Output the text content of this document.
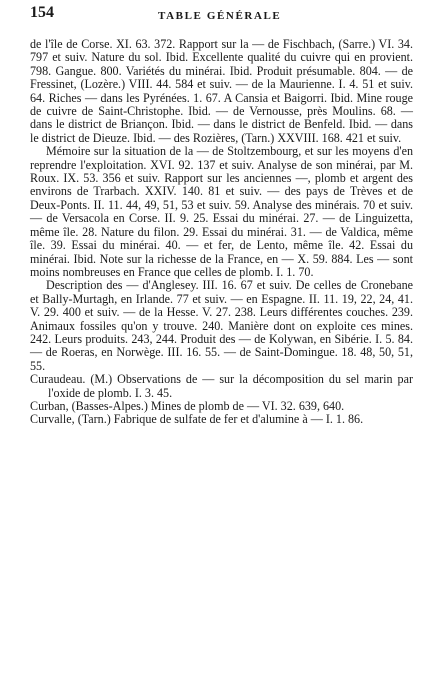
154	TABLE GÉNÉRALE

de l'île de Corse. XI. 63. 372. Rapport sur la — de Fischbach, (Sarre.) VI. 34. 797 et suiv. Nature du sol. Ibid. Excellente qualité du cuivre qui en provient. 798. Gangue. 800. Variétés du minérai. Ibid. Produit présumable. 804. — de Fressinet, (Lozère.) VIII. 44. 584 et suiv. — de la Maurienne. I. 4. 51 et suiv. 64. Riches — dans les Pyrénées. 1. 67. A Cansia et Baigorri. Ibid. Mine rouge de cuivre de Saint-Christophe. Ibid. — de Vernousse, près Moulins. 68. — dans le district de Briançon. Ibid. — dans le district de Benfeld. Ibid. — dans le district de Dieuze. Ibid. — des Rozières, (Tarn.) XXVIII. 168. 421 et suiv.

Mémoire sur la situation de la — de Stoltzembourg, et sur les moyens d'en reprendre l'exploitation. XVI. 92. 137 et suiv. Analyse de son minérai, par M. Roux. IX. 53. 356 et suiv. Rapport sur les anciennes —, plomb et argent des environs de Trarbach. XXIV. 140. 81 et suiv. — des pays de Trèves et de Deux-Ponts. II. 11. 44, 49, 51, 53 et suiv. 59. Analyse des minérais. 70 et suiv. — de Versacola en Corse. II. 9. 25. Essai du minérai. 27. — de Linguizetta, même île. 28. Nature du filon. 29. Essai du minérai. 31. — de Valdica, même île. 39. Essai du minérai. 40. — et fer, de Lento, même île. 42. Essai du minérai. Ibid. Note sur la richesse de la France, en — X. 59. 884. Les — sont moins nombreuses en France que celles de plomb. I. 1. 70.

Description des — d'Anglesey. III. 16. 67 et suiv. De celles de Cronebane et Bally-Murtagh, en Irlande. 77 et suiv. — en Espagne. II. 11. 19, 22, 24, 41. V. 29. 400 et suiv. — de la Hesse. V. 27. 238. Leurs différentes couches. 239. Animaux fossiles qu'on y trouve. 240. Manière dont on exploite ces mines. 242. Leurs produits. 243, 244. Produit des — de Kolywan, en Sibérie. I. 5. 84. — de Roeras, en Norwège. III. 16. 55. — de Saint-Domingue. 18. 48, 50, 51, 55.

Curaudeau. (M.) Observations de — sur la décomposition du sel marin par l'oxide de plomb. I. 3. 45.

Curban, (Basses-Alpes.) Mines de plomb de — VI. 32. 639, 640.

Curvalle, (Tarn.) Fabrique de sulfate de fer et d'alumine à — I. 1. 86.
